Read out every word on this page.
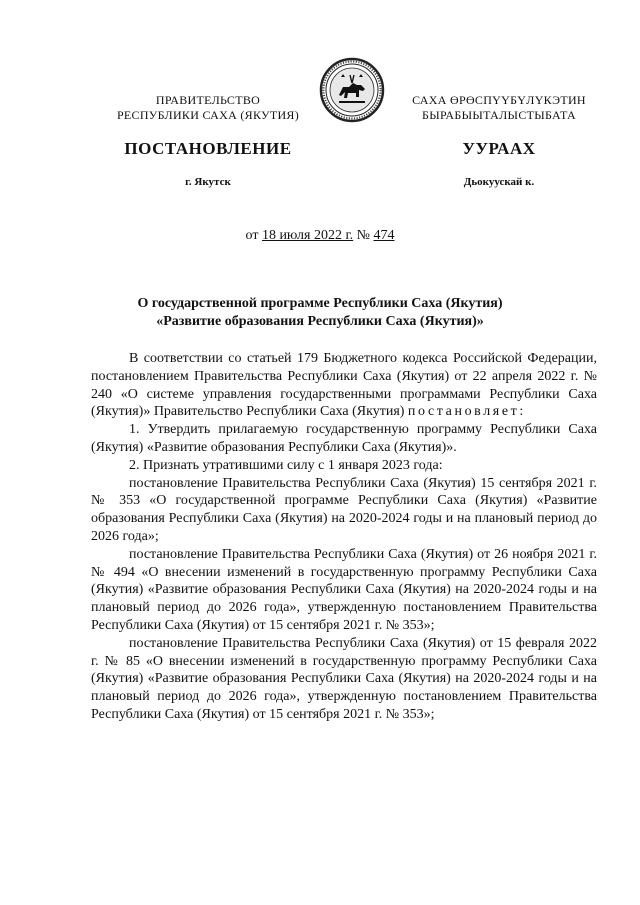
ПРАВИТЕЛЬСТВО
РЕСПУБЛИКИ САХА (ЯКУТИЯ)
САХА ӨРӨСПҮҮБҮЛҮКЭТИН
БЫРАБЫЫТАЛЫСТЫБАТА
ПОСТАНОВЛЕНИЕ	УУРААХ
г. Якутск	Дьокуускай к.
от 18 июля 2022 г. № 474
О государственной программе Республики Саха (Якутия)
«Развитие образования Республики Саха (Якутия)»

В соответствии со статьей 179 Бюджетного кодекса Российской Федерации, постановлением Правительства Республики Саха (Якутия) от 22 апреля 2022 г. № 240 «О системе управления государственными программами Республики Саха (Якутия)» Правительство Республики Саха (Якутия) постановляет:

1. Утвердить прилагаемую государственную программу Республики Саха (Якутия) «Развитие образования Республики Саха (Якутия)».

2. Признать утратившими силу с 1 января 2023 года:

постановление Правительства Республики Саха (Якутия) 15 сентября 2021 г. № 353 «О государственной программе Республики Саха (Якутия) «Развитие образования Республики Саха (Якутия) на 2020-2024 годы и на плановый период до 2026 года»;

постановление Правительства Республики Саха (Якутия) от 26 ноября 2021 г. № 494 «О внесении изменений в государственную программу Республики Саха (Якутия) «Развитие образования Республики Саха (Якутия) на 2020-2024 годы и на плановый период до 2026 года», утвержденную постановлением Правительства Республики Саха (Якутия) от 15 сентября 2021 г. № 353»;

постановление Правительства Республики Саха (Якутия) от 15 февраля 2022 г. № 85 «О внесении изменений в государственную программу Республики Саха (Якутия) «Развитие образования Республики Саха (Якутия) на 2020-2024 годы и на плановый период до 2026 года», утвержденную постановлением Правительства Республики Саха (Якутия) от 15 сентября 2021 г. № 353»;
